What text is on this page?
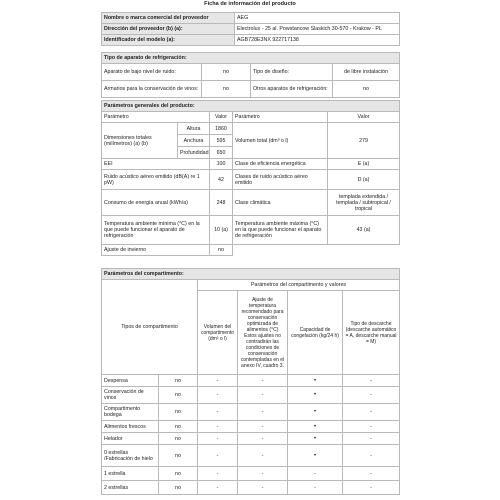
Ficha de información del producto
Nombre o marca comercial del proveedor	AEG
Dirección del proveedor (b) (a):	Electrolux - 25 al. Powstancow Slaskich 30-570 - Krakow - PL
Identificador del modelo (a):	AGB728E3NX 922717138
Tipo de aparato de refrigeración:			
Aparato de bajo nivel de ruido:	no	Tipo de diseño:	de libre instalación
Armarios para la conservación de vinos:	no	Otros aparatos de refrigeración:	no
Parámetros generales del producto:				
Parámetro		Valor	Parámetro	Valor
Dimensiones totales (milímetros) (a) (b)	Altura	1860	Volumen total (dm³ o l)	279
	Anchura	595		
	Profundidad	650		
EEI		100	Clase de eficiencia energética	E (a)
Ruido acústico aéreo emitido (dB(A) re 1 pW)		42	Clases de ruido acústico aéreo emitido	D (a)
Consumo de energía anual (kWh/a)		248	Clase climática	templada extendida / templada / subtropical / tropical
Temperatura ambiente mínima (°C) en la que puede funcionar el aparato de refrigeración		10 (a)	Temperatura ambiente máxima (°C) en la que puede funcionar el aparato de refrigeración	43 (a)
Ajuste de invierno		no		
Parámetros del compartimento:					
Tipos de compartimento		Parámetros del compartimento y valores			
		Volumen del compartimento (dm³ o l)	Ajuste de temperatura recomendado para conservación optimizada de alimentos (°C) Estos ajustes no contradirán las condiciones de conservación contempladas en el anexo IV, cuadro 3.	Capacidad de congelación (kg/24 h)	Tipo de descarche (descarche automático = A, descarche manual = M)
Despensa	no	-	-	•	-
Conservación de vinos	no	-	-	•	-
Compartimento bodega	no	-	-	•	-
Alimentos frescos	no	-	-	•	-
Helador	no	-	-	•	-
0 estrellas /Fabricación de hielo	no	-	-	•	-
1 estrella	no	-	-	-	-
2 estrellas	no	-	-	-	-
